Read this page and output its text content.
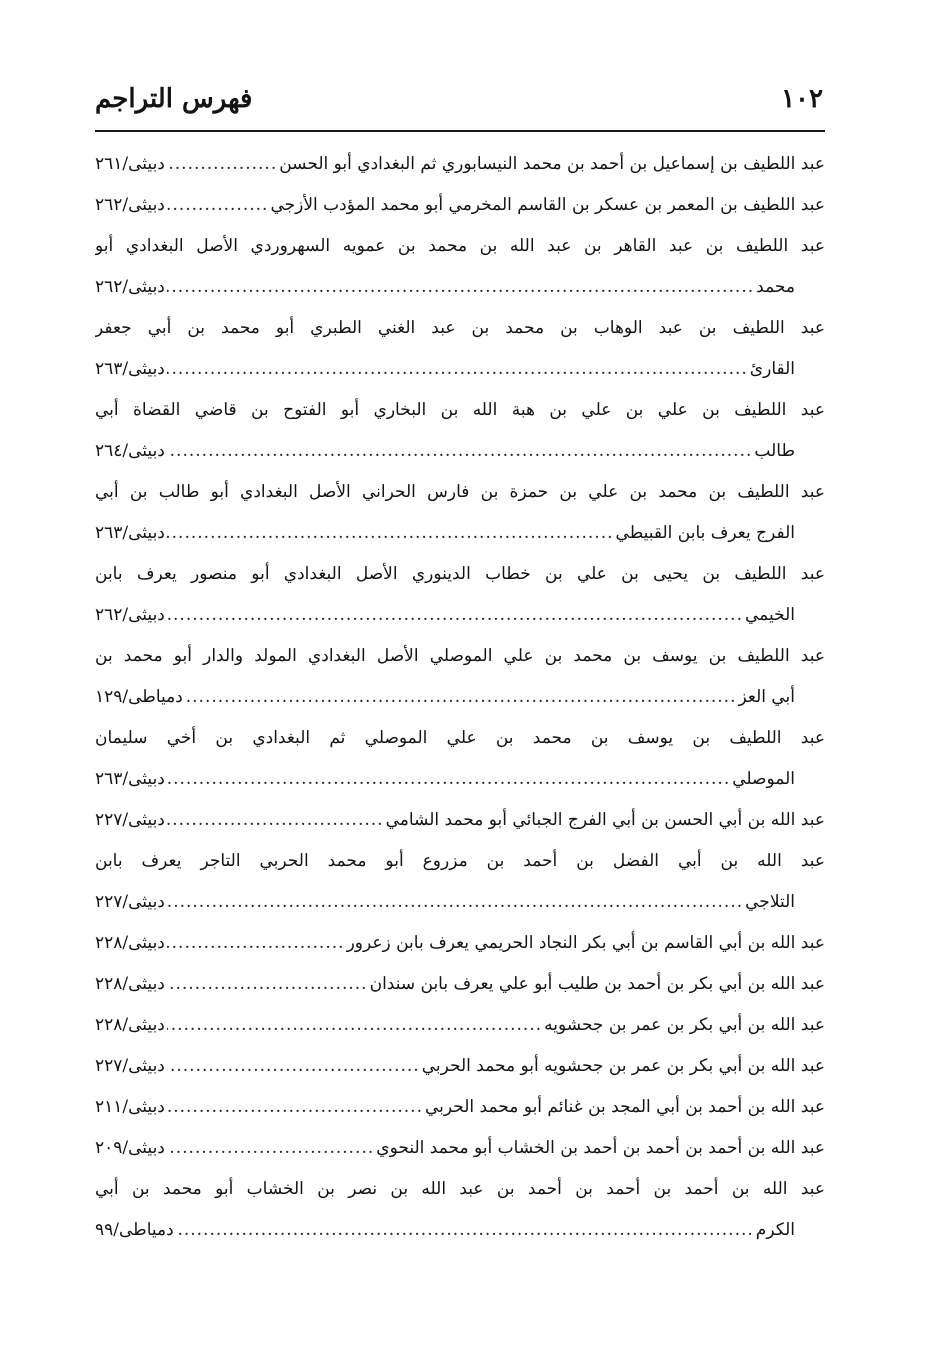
فهرس التراجم	١٠٢
عبد اللطيف بن إسماعيل بن أحمد بن محمد النيسابوري ثم البغدادي أبو الحسن
.....
دبيثى/٢٦١
عبد اللطيف بن المعمر بن عسكر بن القاسم المخرمي أبو محمد المؤدب الأزجي
.....
دبيثى/٢٦٢
عبد اللطيف بن عبد القاهر بن عبد الله بن محمد بن عمويه السهروردي الأصل البغدادي أبو
محمد
.....
دبيثى/٢٦٢
عبد اللطيف بن عبد الوهاب بن محمد بن عبد الغني الطبري أبو محمد بن أبي جعفر
القارئ
.....
دبيثى/٢٦٣
عبد اللطيف بن علي بن علي بن هبة الله بن البخاري أبو الفتوح بن قاضي القضاة أبي
طالب
.....
دبيثى/٢٦٤
عبد اللطيف بن محمد بن علي بن حمزة بن فارس الحراني الأصل البغدادي أبو طالب بن أبي
الفرج يعرف بابن القبيطي
.....
دبيثى/٢٦٣
عبد اللطيف بن يحيى بن علي بن خطاب الدينوري الأصل البغدادي أبو منصور يعرف بابن
الخيمي
.....
دبيثى/٢٦٢
عبد اللطيف بن يوسف بن محمد بن علي الموصلي الأصل البغدادي المولد والدار أبو محمد بن
أبي العز
.....
دمياطى/١٢٩
عبد اللطيف بن يوسف بن محمد بن علي الموصلي ثم البغدادي بن أخي سليمان
الموصلي
.....
دبيثى/٢٦٣
عبد الله بن أبي الحسن بن أبي الفرج الجبائي أبو محمد الشامي
.....
دبيثى/٢٢٧
عبد الله بن أبي الفضل بن أحمد بن مزروع أبو محمد الحربي التاجر يعرف بابن
التلاجي
.....
دبيثى/٢٢٧
عبد الله بن أبي القاسم بن أبي بكر النجاد الحريمي يعرف بابن زعرور
.....
دبيثى/٢٢٨
عبد الله بن أبي بكر بن أحمد بن طليب أبو علي يعرف بابن سندان
.....
دبيثى/٢٢٨
عبد الله بن أبي بكر بن عمر بن جحشويه
.....
دبيثى/٢٢٨
عبد الله بن أبي بكر بن عمر بن جحشويه أبو محمد الحربي
.....
دبيثى/٢٢٧
عبد الله بن أحمد بن أبي المجد بن غنائم أبو محمد الحربي
.....
دبيثى/٢١١
عبد الله بن أحمد بن أحمد بن أحمد بن الخشاب أبو محمد النحوي
.....
دبيثى/٢٠٩
عبد الله بن أحمد بن أحمد بن أحمد بن عبد الله بن نصر بن الخشاب أبو محمد بن أبي
الكرم
.....
دمياطى/٩٩
